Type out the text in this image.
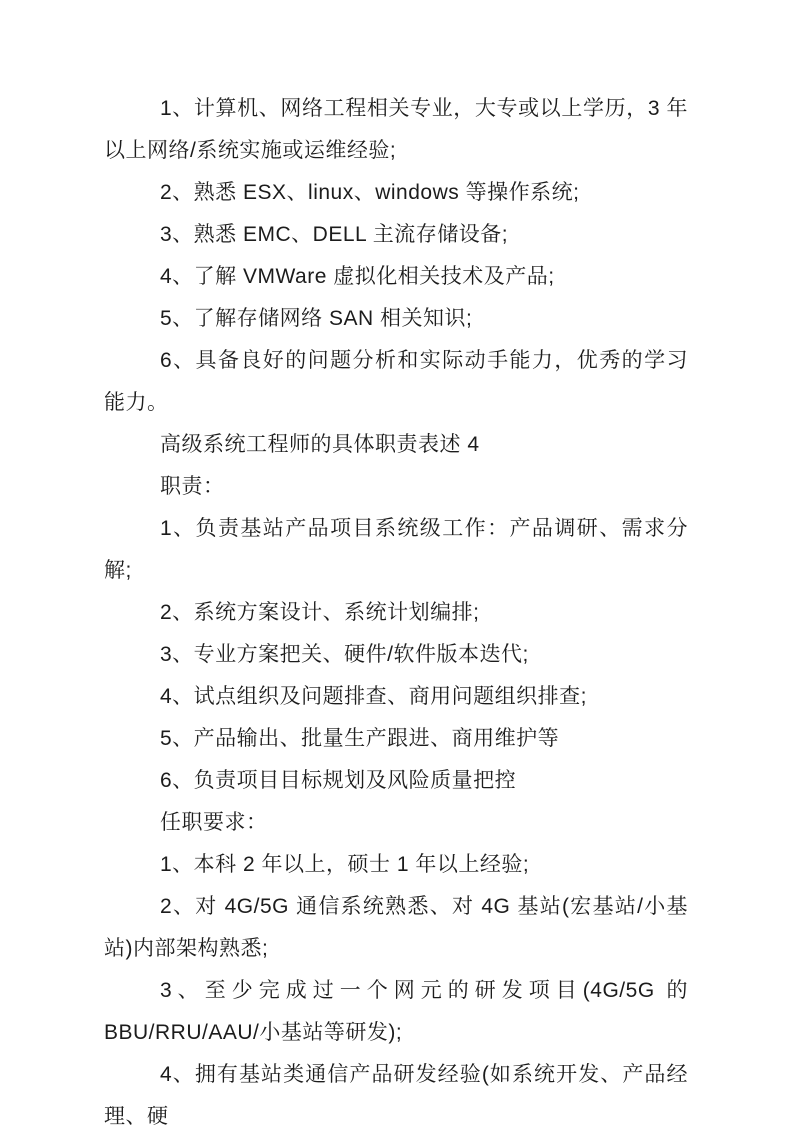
1、计算机、网络工程相关专业，大专或以上学历，3 年以上网络/系统实施或运维经验;

2、熟悉 ESX、linux、windows 等操作系统;

3、熟悉 EMC、DELL 主流存储设备;

4、了解 VMWare 虚拟化相关技术及产品;

5、了解存储网络 SAN 相关知识;

6、具备良好的问题分析和实际动手能力，优秀的学习能力。

高级系统工程师的具体职责表述 4

职责：

1、负责基站产品项目系统级工作：产品调研、需求分解;

2、系统方案设计、系统计划编排;

3、专业方案把关、硬件/软件版本迭代;

4、试点组织及问题排查、商用问题组织排查;

5、产品输出、批量生产跟进、商用维护等

6、负责项目目标规划及风险质量把控

任职要求：

1、本科 2 年以上，硕士 1 年以上经验;

2、对 4G/5G 通信系统熟悉、对 4G 基站(宏基站/小基站)内部架构熟悉;

3、至少完成过一个网元的研发项目(4G/5G 的 BBU/RRU/AAU/小基站等研发);

4、拥有基站类通信产品研发经验(如系统开发、产品经理、硬
